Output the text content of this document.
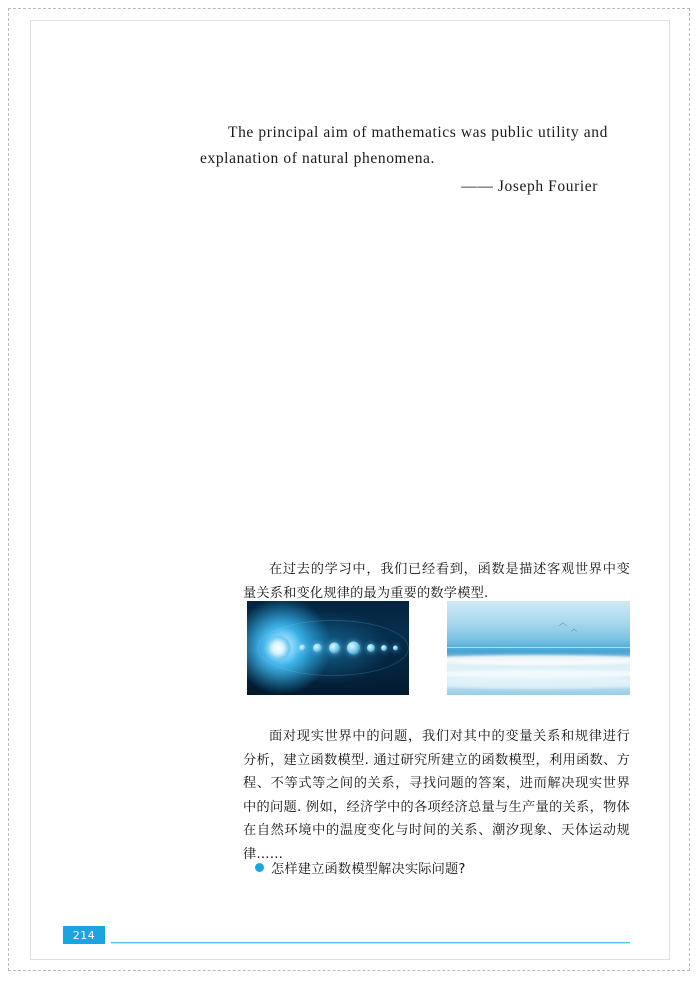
The principal aim of mathematics was public utility and explanation of natural phenomena.
—— Joseph Fourier

在过去的学习中，我们已经看到，函数是描述客观世界中变量关系和变化规律的最为重要的数学模型.

︿
︿

面对现实世界中的问题，我们对其中的变量关系和规律进行分析，建立函数模型. 通过研究所建立的函数模型，利用函数、方程、不等式等之间的关系，寻找问题的答案，进而解决现实世界中的问题. 例如，经济学中的各项经济总量与生产量的关系，物体在自然环境中的温度变化与时间的关系、潮汐现象、天体运动规律……

怎样建立函数模型解决实际问题?
214
